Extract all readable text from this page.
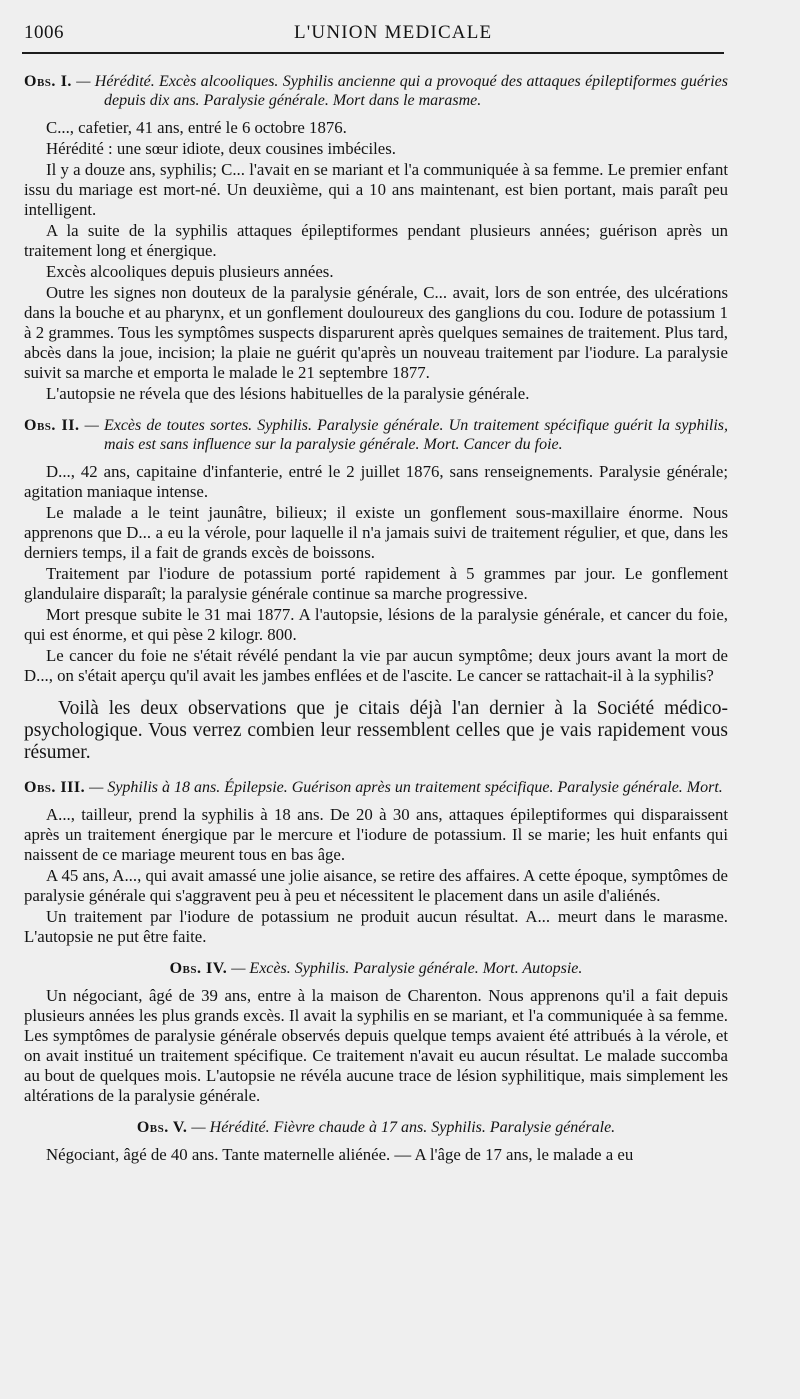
1006	L'UNION MEDICALE
Obs. I. — Hérédité. Excès alcooliques. Syphilis ancienne qui a provoqué des attaques épileptiformes guéries depuis dix ans. Paralysie générale. Mort dans le marasme.

C..., cafetier, 41 ans, entré le 6 octobre 1876.

Hérédité : une sœur idiote, deux cousines imbéciles.

Il y a douze ans, syphilis; C... l'avait en se mariant et l'a communiquée à sa femme. Le premier enfant issu du mariage est mort-né. Un deuxième, qui a 10 ans maintenant, est bien portant, mais paraît peu intelligent.

A la suite de la syphilis attaques épileptiformes pendant plusieurs années; guérison après un traitement long et énergique.

Excès alcooliques depuis plusieurs années.

Outre les signes non douteux de la paralysie générale, C... avait, lors de son entrée, des ulcérations dans la bouche et au pharynx, et un gonflement douloureux des ganglions du cou. Iodure de potassium 1 à 2 grammes. Tous les symptômes suspects disparurent après quelques semaines de traitement. Plus tard, abcès dans la joue, incision; la plaie ne guérit qu'après un nouveau traitement par l'iodure. La paralysie suivit sa marche et emporta le malade le 21 septembre 1877.

L'autopsie ne révela que des lésions habituelles de la paralysie générale.

Obs. II. — Excès de toutes sortes. Syphilis. Paralysie générale. Un traitement spécifique guérit la syphilis, mais est sans influence sur la paralysie générale. Mort. Cancer du foie.

D..., 42 ans, capitaine d'infanterie, entré le 2 juillet 1876, sans renseignements. Paralysie générale; agitation maniaque intense.

Le malade a le teint jaunâtre, bilieux; il existe un gonflement sous-maxillaire énorme. Nous apprenons que D... a eu la vérole, pour laquelle il n'a jamais suivi de traitement régulier, et que, dans les derniers temps, il a fait de grands excès de boissons.

Traitement par l'iodure de potassium porté rapidement à 5 grammes par jour. Le gonflement glandulaire disparaît; la paralysie générale continue sa marche progressive.

Mort presque subite le 31 mai 1877. A l'autopsie, lésions de la paralysie générale, et cancer du foie, qui est énorme, et qui pèse 2 kilogr. 800.

Le cancer du foie ne s'était révélé pendant la vie par aucun symptôme; deux jours avant la mort de D..., on s'était aperçu qu'il avait les jambes enflées et de l'ascite. Le cancer se rattachait-il à la syphilis?

Voilà les deux observations que je citais déjà l'an dernier à la Société médico-psychologique. Vous verrez combien leur ressemblent celles que je vais rapidement vous résumer.

Obs. III. — Syphilis à 18 ans. Épilepsie. Guérison après un traitement spécifique. Paralysie générale. Mort.

A..., tailleur, prend la syphilis à 18 ans. De 20 à 30 ans, attaques épileptiformes qui disparaissent après un traitement énergique par le mercure et l'iodure de potassium. Il se marie; les huit enfants qui naissent de ce mariage meurent tous en bas âge.

A 45 ans, A..., qui avait amassé une jolie aisance, se retire des affaires. A cette époque, symptômes de paralysie générale qui s'aggravent peu à peu et nécessitent le placement dans un asile d'aliénés.

Un traitement par l'iodure de potassium ne produit aucun résultat. A... meurt dans le marasme. L'autopsie ne put être faite.

Obs. IV. — Excès. Syphilis. Paralysie générale. Mort. Autopsie.

Un négociant, âgé de 39 ans, entre à la maison de Charenton. Nous apprenons qu'il a fait depuis plusieurs années les plus grands excès. Il avait la syphilis en se mariant, et l'a communiquée à sa femme. Les symptômes de paralysie générale observés depuis quelque temps avaient été attribués à la vérole, et on avait institué un traitement spécifique. Ce traitement n'avait eu aucun résultat. Le malade succomba au bout de quelques mois. L'autopsie ne révéla aucune trace de lésion syphilitique, mais simplement les altérations de la paralysie générale.

Obs. V. — Hérédité. Fièvre chaude à 17 ans. Syphilis. Paralysie générale.

Négociant, âgé de 40 ans. Tante maternelle aliénée. — A l'âge de 17 ans, le malade a eu
